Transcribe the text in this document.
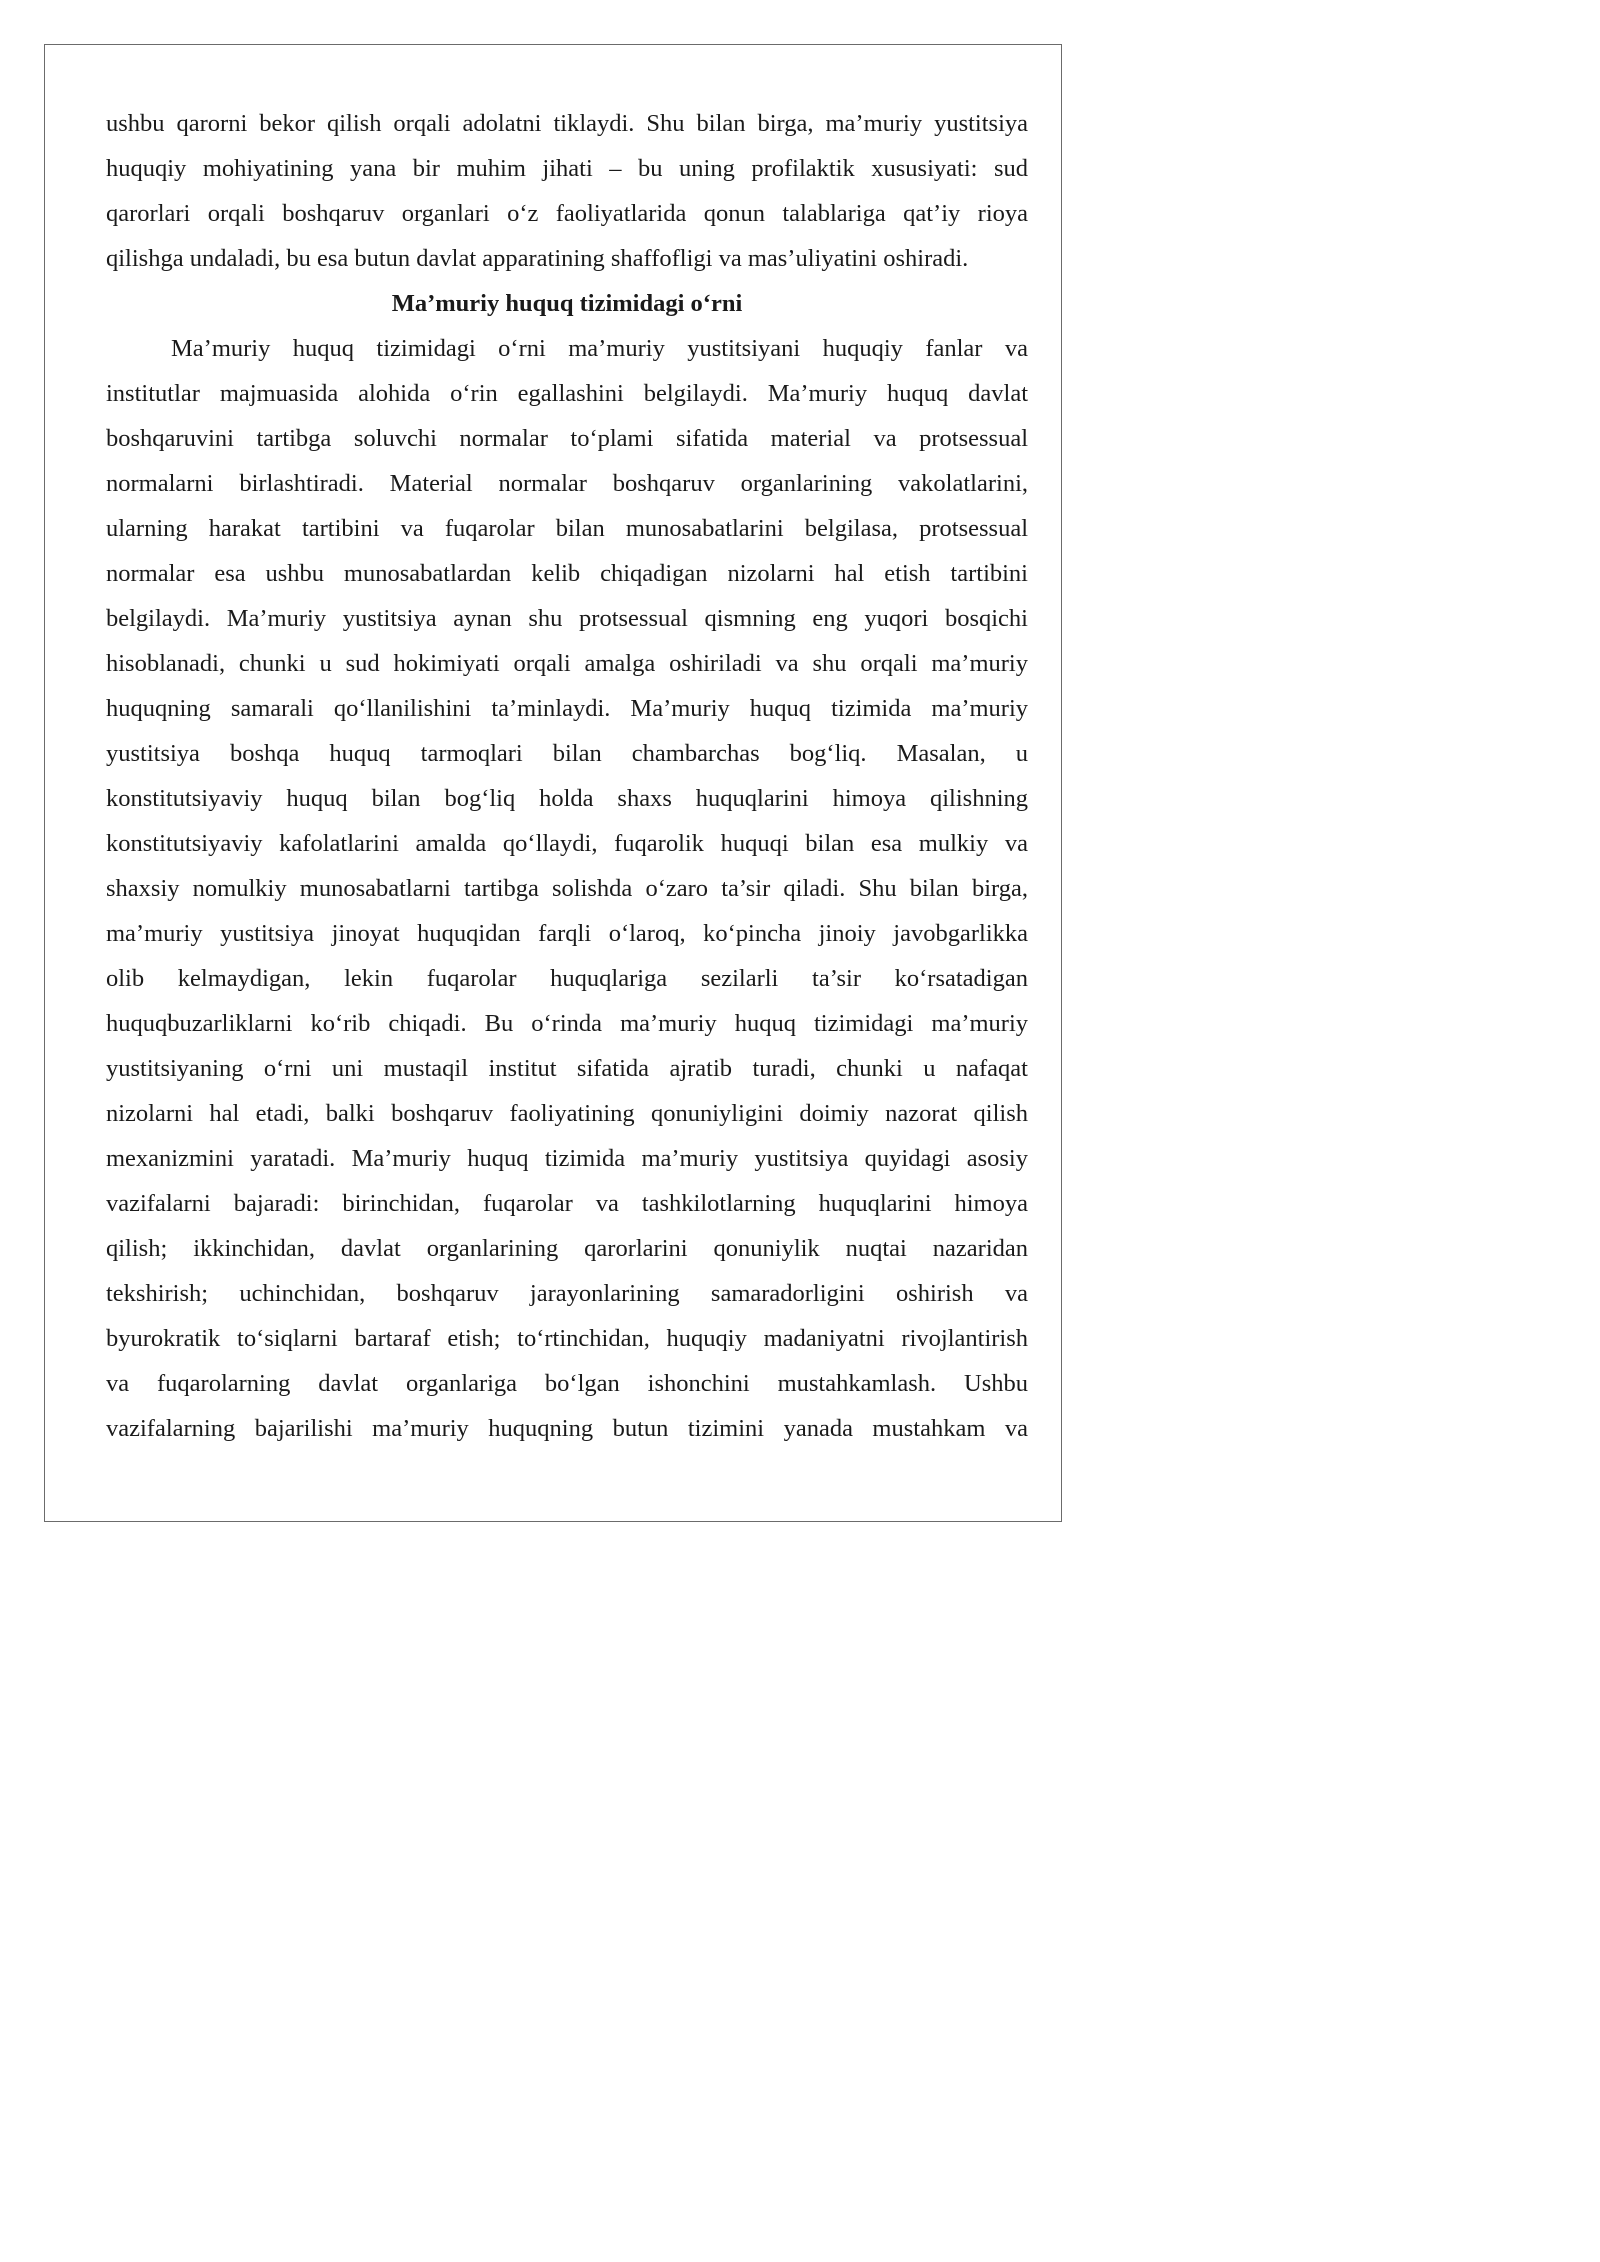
ushbu qarorni bekor qilish orqali adolatni tiklaydi. Shu bilan birga, ma’muriy yustitsiya
huquqiy mohiyatining yana bir muhim jihati – bu uning profilaktik xususiyati: sud
qarorlari orqali boshqaruv organlari o‘z faoliyatlarida qonun talablariga qat’iy rioya
qilishga undaladi, bu esa butun davlat apparatining shaffofligi va mas’uliyatini oshiradi.
Ma’muriy huquq tizimidagi o‘rni
Ma’muriy huquq tizimidagi o‘rni ma’muriy yustitsiyani huquqiy fanlar va
institutlar majmuasida alohida o‘rin egallashini belgilaydi. Ma’muriy huquq davlat
boshqaruvini tartibga soluvchi normalar to‘plami sifatida material va protsessual
normalarni birlashtiradi. Material normalar boshqaruv organlarining vakolatlarini,
ularning harakat tartibini va fuqarolar bilan munosabatlarini belgilasa, protsessual
normalar esa ushbu munosabatlardan kelib chiqadigan nizolarni hal etish tartibini
belgilaydi. Ma’muriy yustitsiya aynan shu protsessual qismning eng yuqori bosqichi
hisoblanadi, chunki u sud hokimiyati orqali amalga oshiriladi va shu orqali ma’muriy
huquqning samarali qo‘llanilishini ta’minlaydi. Ma’muriy huquq tizimida ma’muriy
yustitsiya boshqa huquq tarmoqlari bilan chambarchas bog‘liq. Masalan, u
konstitutsiyaviy huquq bilan bog‘liq holda shaxs huquqlarini himoya qilishning
konstitutsiyaviy kafolatlarini amalda qo‘llaydi, fuqarolik huquqi bilan esa mulkiy va
shaxsiy nomulkiy munosabatlarni tartibga solishda o‘zaro ta’sir qiladi. Shu bilan birga,
ma’muriy yustitsiya jinoyat huquqidan farqli o‘laroq, ko‘pincha jinoiy javobgarlikka
olib kelmaydigan, lekin fuqarolar huquqlariga sezilarli ta’sir ko‘rsatadigan
huquqbuzarliklarni ko‘rib chiqadi. Bu o‘rinda ma’muriy huquq tizimidagi ma’muriy
yustitsiyaning o‘rni uni mustaqil institut sifatida ajratib turadi, chunki u nafaqat
nizolarni hal etadi, balki boshqaruv faoliyatining qonuniyligini doimiy nazorat qilish
mexanizmini yaratadi. Ma’muriy huquq tizimida ma’muriy yustitsiya quyidagi asosiy
vazifalarni bajaradi: birinchidan, fuqarolar va tashkilotlarning huquqlarini himoya
qilish; ikkinchidan, davlat organlarining qarorlarini qonuniylik nuqtai nazaridan
tekshirish; uchinchidan, boshqaruv jarayonlarining samaradorligini oshirish va
byurokratik to‘siqlarni bartaraf etish; to‘rtinchidan, huquqiy madaniyatni rivojlantirish
va fuqarolarning davlat organlariga bo‘lgan ishonchini mustahkamlash. Ushbu
vazifalarning bajarilishi ma’muriy huquqning butun tizimini yanada mustahkam va
